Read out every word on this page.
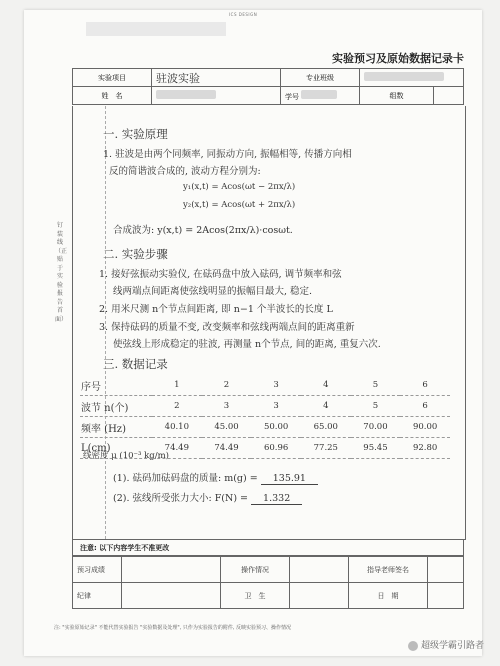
ICS DESIGN
实验预习及原始数据记录卡
实验项目	驻波实验	专业班级		
姓　名		学号	组数	
钉装线（正贴于实验报告首面）
一. 实验原理
1. 驻波是由两个同频率, 同振动方向, 振幅相等, 传播方向相
反的简谐波合成的, 波动方程分别为:
y₁(x,t) = Acos(ωt − 2πx/λ)
y₂(x,t) = Acos(ωt + 2πx/λ)
合成波为: y(x,t) = 2Acos(2πx/λ)·cosωt.
二. 实验步骤
1. 接好弦振动实验仪, 在砝码盘中放入砝码, 调节频率和弦
线两端点间距离使弦线明显的振幅目最大, 稳定.
2. 用米尺测 n个节点间距离, 即 n−1 个半波长的长度 L
3. 保持砝码的质量不变, 改变频率和弦线两端点间的距离重新
使弦线上形成稳定的驻波, 再测量 n个节点, 间的距离, 重复六次.
三. 数据记录
线密度 μ (10⁻³ kg/m)
(1). 砝码加砝码盘的质量: m(g) = 135.91
(2). 弦线所受张力大小: F(N) = 1.332
序号	1	2	3	4	5	6
波节 n(个)	2	3	3	4	5	6
频率 (Hz)	40.10	45.00	50.00	65.00	70.00	90.00
L(cm)	74.49	74.49	60.96	77.25	95.45	92.80
注意: 以下内容学生不准更改
预习成绩		操作情况		指导老师签名	
纪律		卫　生		日　期	
注: "实验原始记录" 不能代替实验报告 "实验数据及处理", 只作为实验报告的附件, 反映实验预习、操作情况
超级学霸引路者
